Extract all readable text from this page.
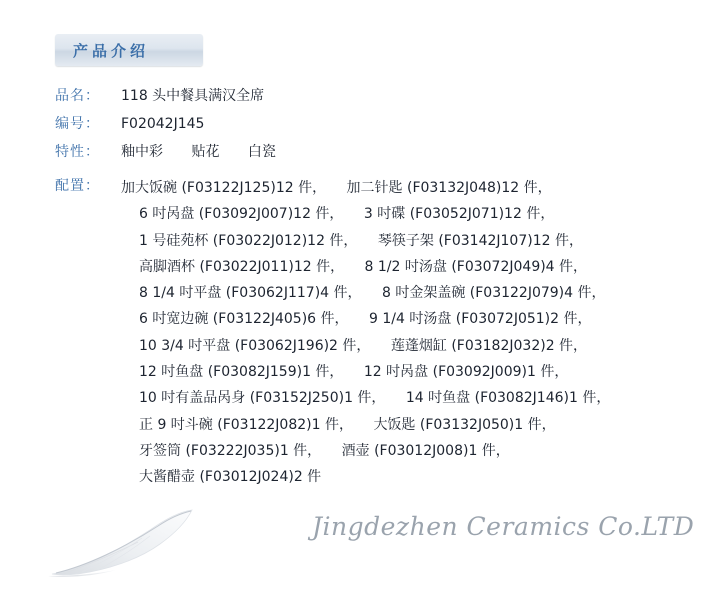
产品介绍
品名：	118 头中餐具满汉全席
编号：	F02042J145
特性：	釉中彩 贴花 白瓷
配置：	加大饭碗 (F03122J125)12 件， 加二针匙 (F03132J048)12 件，
6 吋呙盘 (F03092J007)12 件， 3 吋碟 (F03052J071)12 件，
1 号硅苑杯 (F03022J012)12 件， 琴筷子架 (F03142J107)12 件，
高脚酒杯 (F03022J011)12 件， 8 1/2 吋汤盘 (F03072J049)4 件，
8 1/4 吋平盘 (F03062J117)4 件， 8 吋金架盖碗 (F03122J079)4 件，
6 吋宽边碗 (F03122J405)6 件， 9 1/4 吋汤盘 (F03072J051)2 件，
10 3/4 吋平盘 (F03062J196)2 件， 莲蓬烟缸 (F03182J032)2 件，
12 吋鱼盘 (F03082J159)1 件， 12 吋呙盘 (F03092J009)1 件，
10 吋有盖品呙身 (F03152J250)1 件， 14 吋鱼盘 (F03082J146)1 件，
正 9 吋斗碗 (F03122J082)1 件， 大饭匙 (F03132J050)1 件，
牙签筒 (F03222J035)1 件， 酒壶 (F03012J008)1 件，
大酱醋壶 (F03012J024)2 件
Jingdezhen Ceramics Co.LTD
